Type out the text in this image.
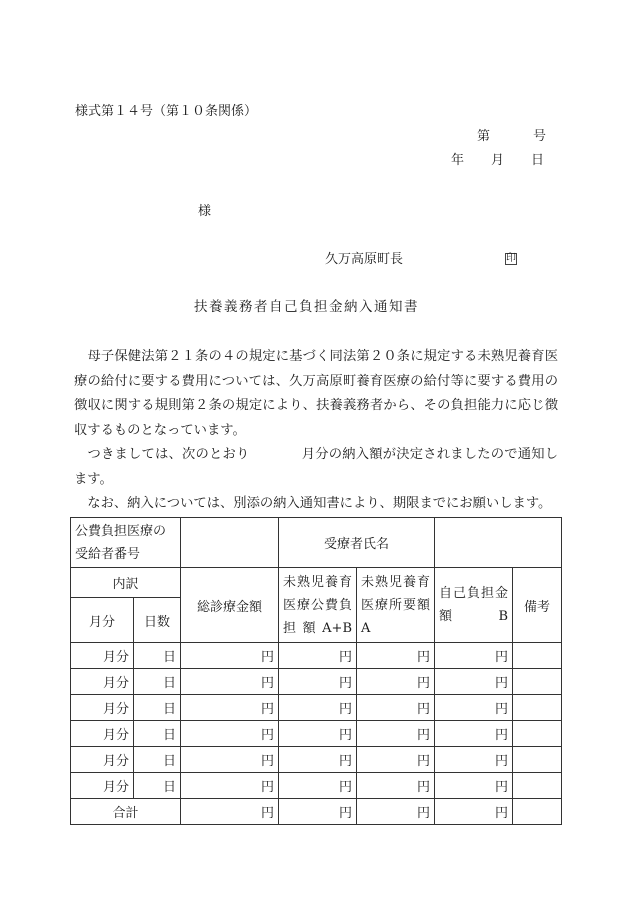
様式第１４号（第１０条関係）
第	号
年 月 日
様
久万高原町長	印
扶養義務者自己負担金納入通知書

　母子保健法第２１条の４の規定に基づく同法第２０条に規定する未熟児養育医療の給付に要する費用については、久万高原町養育医療の給付等に要する費用の徴収に関する規則第２条の規定により、扶養義務者から、その負担能力に応じ徴収するものとなっています。

　つきましては、次のとおり	月分の納入額が決定されましたので通知します。

　なお、納入については、別添の納入通知書により、期限までにお願いします。

公費負担医療の受給者番号			受療者氏名			
内訳		総診療金額	未熟児養育医療公費負担額A+B	未熟児養育医療所要額A	自己負担金額B	備考
月分	日数					
月分	日	円	円	円	円	
月分	日	円	円	円	円	
月分	日	円	円	円	円	
月分	日	円	円	円	円	
月分	日	円	円	円	円	
月分	日	円	円	円	円	
合計		円	円	円	円	
